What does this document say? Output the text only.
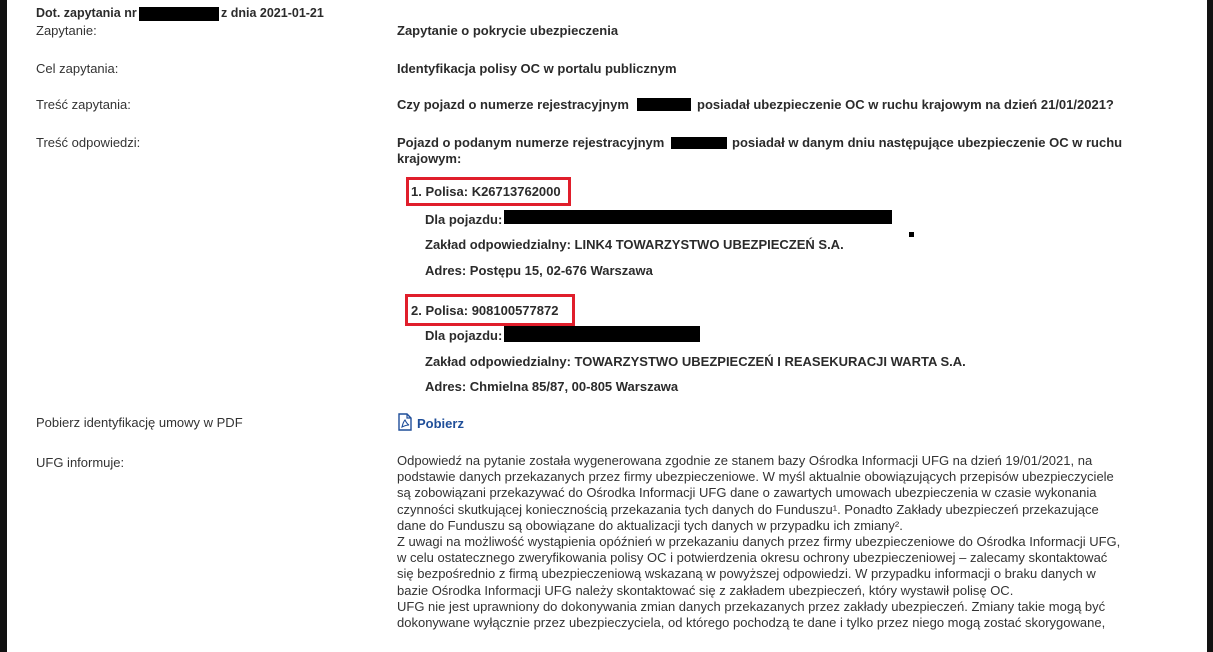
Dot. zapytania nr	z dnia 2021-01-21
Zapytanie:	Zapytanie o pokrycie ubezpieczenia
Cel zapytania:	Identyfikacja polisy OC w portalu publicznym
Treść zapytania:	Czy pojazd o numerze rejestracyjnym	posiadał ubezpieczenie OC w ruchu krajowym na dzień 21/01/2021?
Treść odpowiedzi:	Pojazd o podanym numerze rejestracyjnym	posiadał w danym dniu następujące ubezpieczenie OC w ruchu
krajowym:
1. Polisa: K26713762000
Dla pojazdu:
Zakład odpowiedzialny: LINK4 TOWARZYSTWO UBEZPIECZEŃ S.A.
Adres: Postępu 15, 02-676 Warszawa
2. Polisa: 908100577872
Dla pojazdu:
Zakład odpowiedzialny: TOWARZYSTWO UBEZPIECZEŃ I REASEKURACJI WARTA S.A.
Adres: Chmielna 85/87, 00-805 Warszawa
Pobierz identyfikację umowy w PDF	Pobierz
UFG informuje:	Odpowiedź na pytanie została wygenerowana zgodnie ze stanem bazy Ośrodka Informacji UFG na dzień 19/01/2021, na

podstawie danych przekazanych przez firmy ubezpieczeniowe. W myśl aktualnie obowiązujących przepisów ubezpieczyciele

są zobowiązani przekazywać do Ośrodka Informacji UFG dane o zawartych umowach ubezpieczenia w czasie wykonania

czynności skutkującej koniecznością przekazania tych danych do Funduszu¹. Ponadto Zakłady ubezpieczeń przekazujące

dane do Funduszu są obowiązane do aktualizacji tych danych w przypadku ich zmiany².

Z uwagi na możliwość wystąpienia opóźnień w przekazaniu danych przez firmy ubezpieczeniowe do Ośrodka Informacji UFG,

w celu ostatecznego zweryfikowania polisy OC i potwierdzenia okresu ochrony ubezpieczeniowej – zalecamy skontaktować

się bezpośrednio z firmą ubezpieczeniową wskazaną w powyższej odpowiedzi. W przypadku informacji o braku danych w

bazie Ośrodka Informacji UFG należy skontaktować się z zakładem ubezpieczeń, który wystawił polisę OC.

UFG nie jest uprawniony do dokonywania zmian danych przekazanych przez zakłady ubezpieczeń. Zmiany takie mogą być

dokonywane wyłącznie przez ubezpieczyciela, od którego pochodzą te dane i tylko przez niego mogą zostać skorygowane,
